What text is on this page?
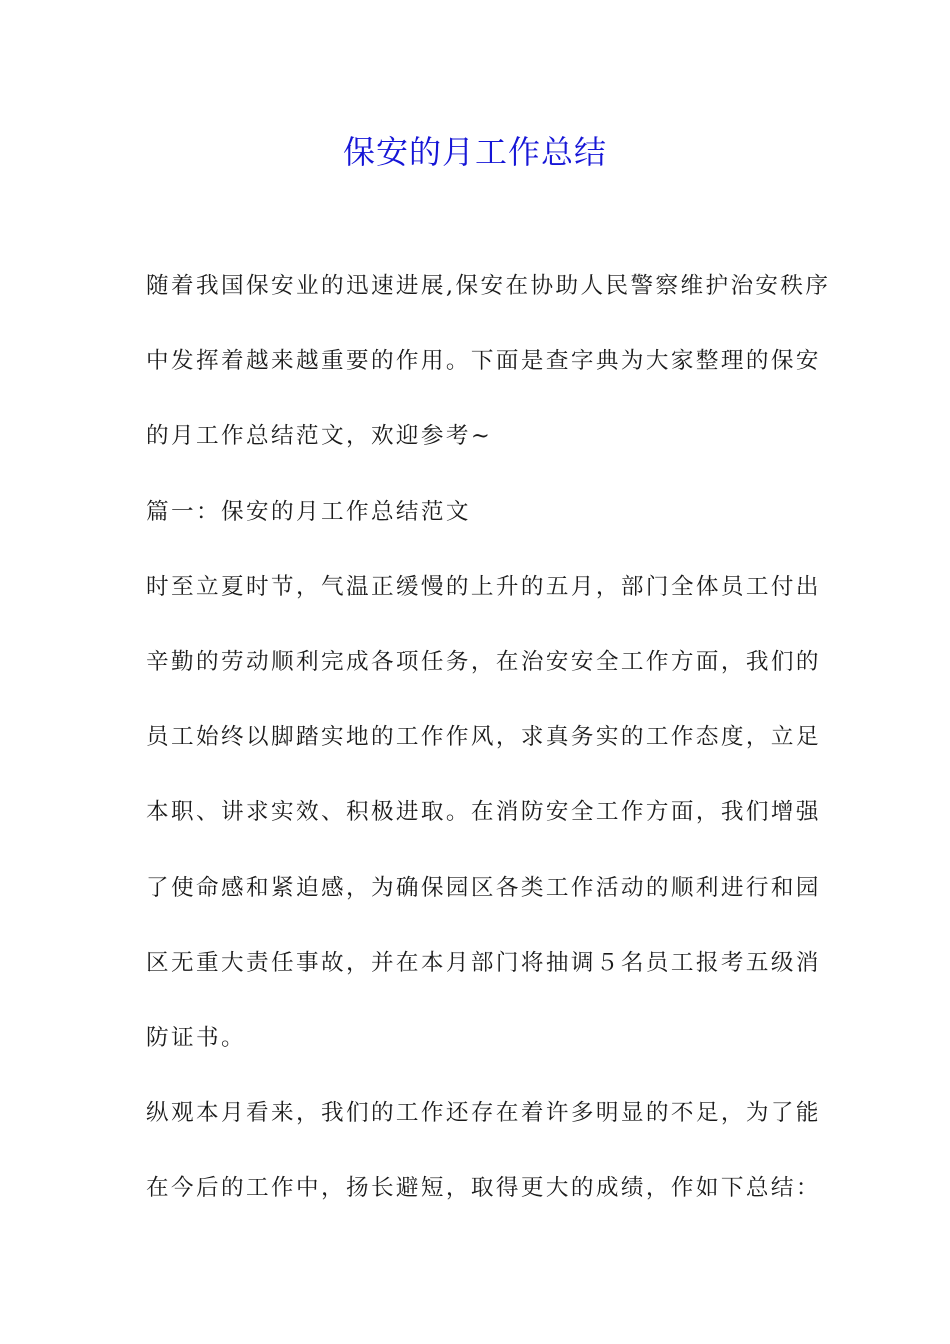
保安的月工作总结
随着我国保安业的迅速进展,保安在协助人民警察维护治安秩序
中发挥着越来越重要的作用。下面是查字典为大家整理的保安
的月工作总结范文，欢迎参考~
篇一：保安的月工作总结范文
时至立夏时节，气温正缓慢的上升的五月，部门全体员工付出
辛勤的劳动顺利完成各项任务，在治安安全工作方面，我们的
员工始终以脚踏实地的工作作风，求真务实的工作态度，立足
本职、讲求实效、积极进取。在消防安全工作方面，我们增强
了使命感和紧迫感，为确保园区各类工作活动的顺利进行和园
区无重大责任事故，并在本月部门将抽调５名员工报考五级消
防证书。
纵观本月看来，我们的工作还存在着许多明显的不足，为了能
在今后的工作中，扬长避短，取得更大的成绩，作如下总结：
